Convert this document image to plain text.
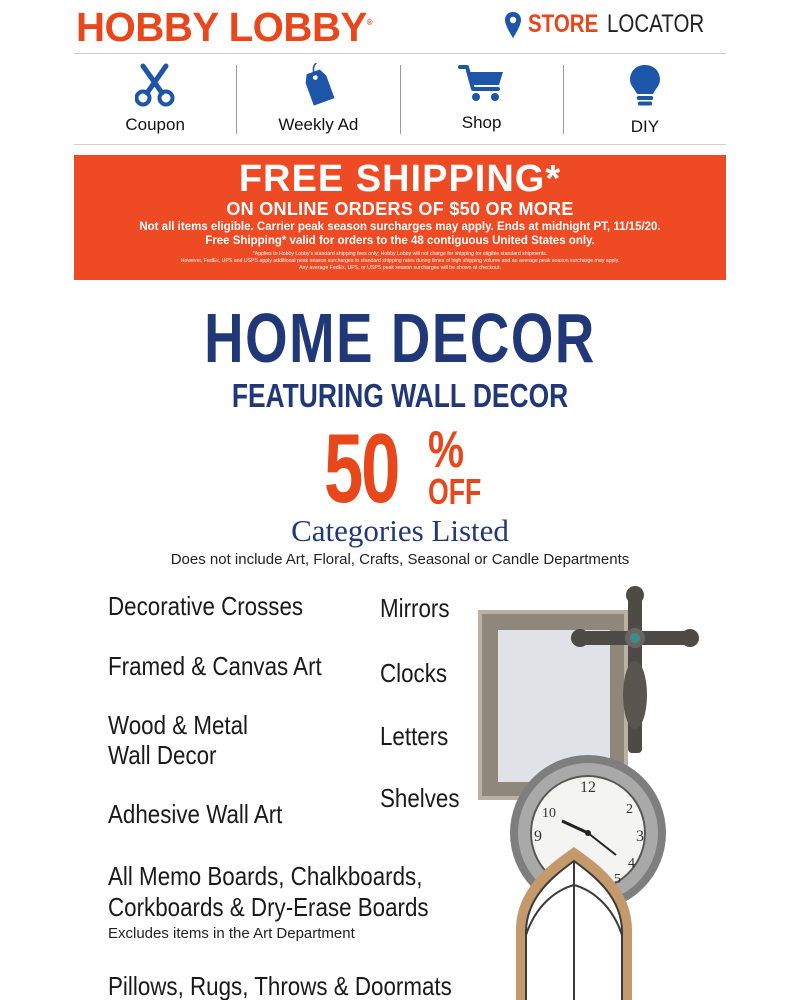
HOBBY LOBBY®	STORE LOCATOR
Coupon	Weekly Ad	Shop	DIY
FREE SHIPPING*
ON ONLINE ORDERS OF $50 OR MORE
Not all items eligible. Carrier peak season surcharges may apply. Ends at midnight PT, 11/15/20.
Free Shipping* valid for orders to the 48 contiguous United States only.
*Applies to Hobby Lobby's standard shipping fees only; Hobby Lobby will not charge for shipping for eligible standard shipments.
However, FedEx, UPS and USPS apply additional peak season surcharges to standard shipping rates during times of high shipping volume and an average peak season surcharge may apply.
Any average FedEx, UPS, or USPS peak season surcharges will be shown at checkout.
HOME DECOR
FEATURING WALL DECOR
50 %
OFF
Categories Listed
Does not include Art, Floral, Crafts, Seasonal or Candle Departments
Decorative Crosses
Framed & Canvas Art
Wood & Metal
Wall Decor
Adhesive Wall Art
All Memo Boards, Chalkboards,
Corkboards & Dry-Erase Boards
Excludes items in the Art Department
Pillows, Rugs, Throws & Doormats
Mirrors
Clocks
Letters
Shelves	12
3
9
2
10
4
5
